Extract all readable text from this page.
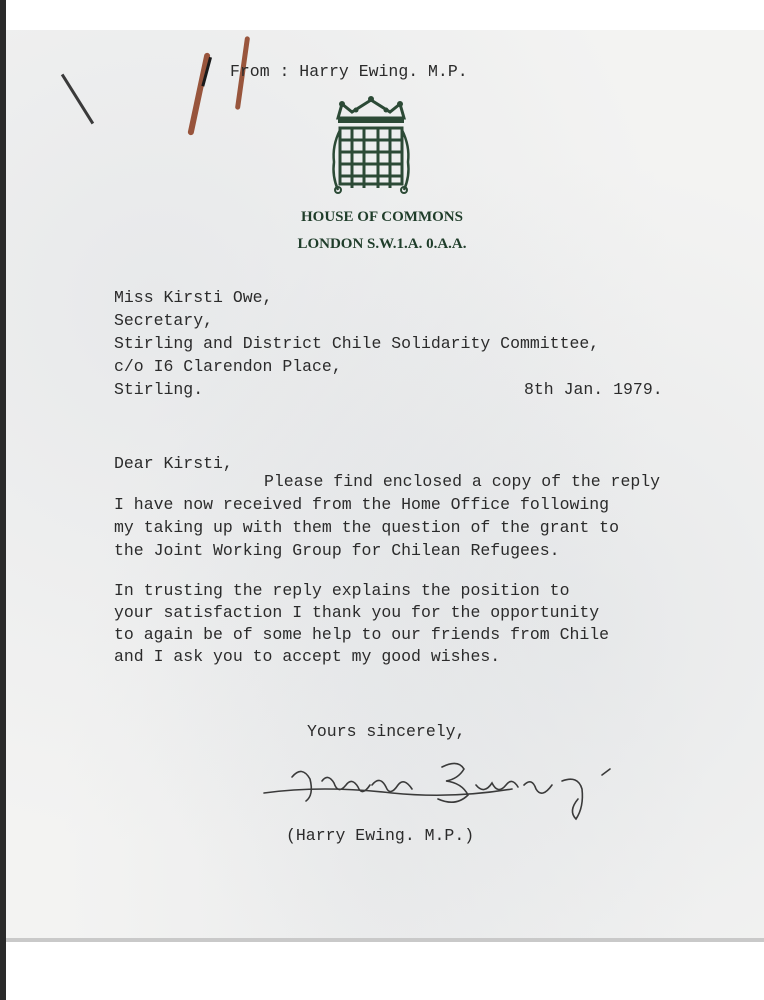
From : Harry Ewing. M.P.
HOUSE OF COMMONS
LONDON S.W.1.A. 0.A.A.
Miss Kirsti Owe,
Secretary,
Stirling and District Chile Solidarity Committee,
c/o I6 Clarendon Place,
Stirling.	8th Jan. 1979.
Dear Kirsti,
Please find enclosed a copy of the reply
I have now received from the Home Office following
my taking up with them the question of the grant to
the Joint Working Group for Chilean Refugees.
In trusting the reply explains the position to
your satisfaction I thank you for the opportunity
to again be of some help to our friends from Chile
and I ask you to accept my good wishes.
Yours sincerely,
(Harry Ewing. M.P.)
